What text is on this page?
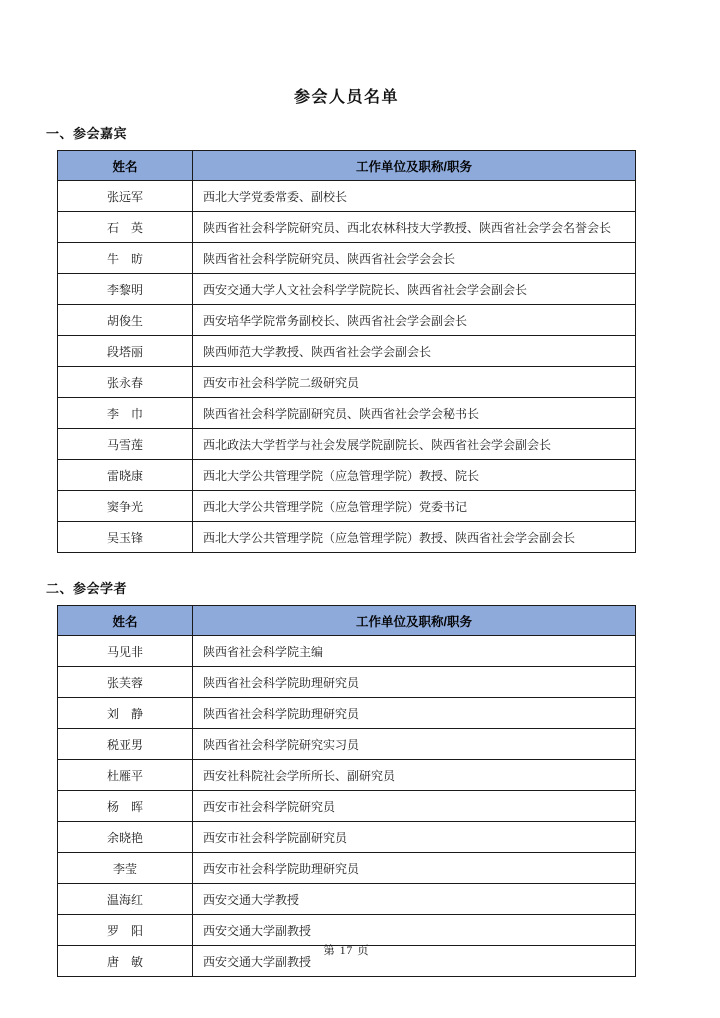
参会人员名单
一、参会嘉宾
姓名	工作单位及职称/职务
张远军	西北大学党委常委、副校长
石　英	陕西省社会科学院研究员、西北农林科技大学教授、陕西省社会学会名誉会长
牛　昉	陕西省社会科学院研究员、陕西省社会学会会长
李黎明	西安交通大学人文社会科学学院院长、陕西省社会学会副会长
胡俊生	西安培华学院常务副校长、陕西省社会学会副会长
段塔丽	陕西师范大学教授、陕西省社会学会副会长
张永春	西安市社会科学院二级研究员
李　巾	陕西省社会科学院副研究员、陕西省社会学会秘书长
马雪莲	西北政法大学哲学与社会发展学院副院长、陕西省社会学会副会长
雷晓康	西北大学公共管理学院（应急管理学院）教授、院长
窦争光	西北大学公共管理学院（应急管理学院）党委书记
吴玉锋	西北大学公共管理学院（应急管理学院）教授、陕西省社会学会副会长
二、参会学者
姓名	工作单位及职称/职务
马见非	陕西省社会科学院主编
张芙蓉	陕西省社会科学院助理研究员
刘　静	陕西省社会科学院助理研究员
税亚男	陕西省社会科学院研究实习员
杜雁平	西安社科院社会学所所长、副研究员
杨　晖	西安市社会科学院研究员
余晓艳	西安市社会科学院副研究员
李莹	西安市社会科学院助理研究员
温海红	西安交通大学教授
罗　阳	西安交通大学副教授
唐　敏	西安交通大学副教授
第 17 页
